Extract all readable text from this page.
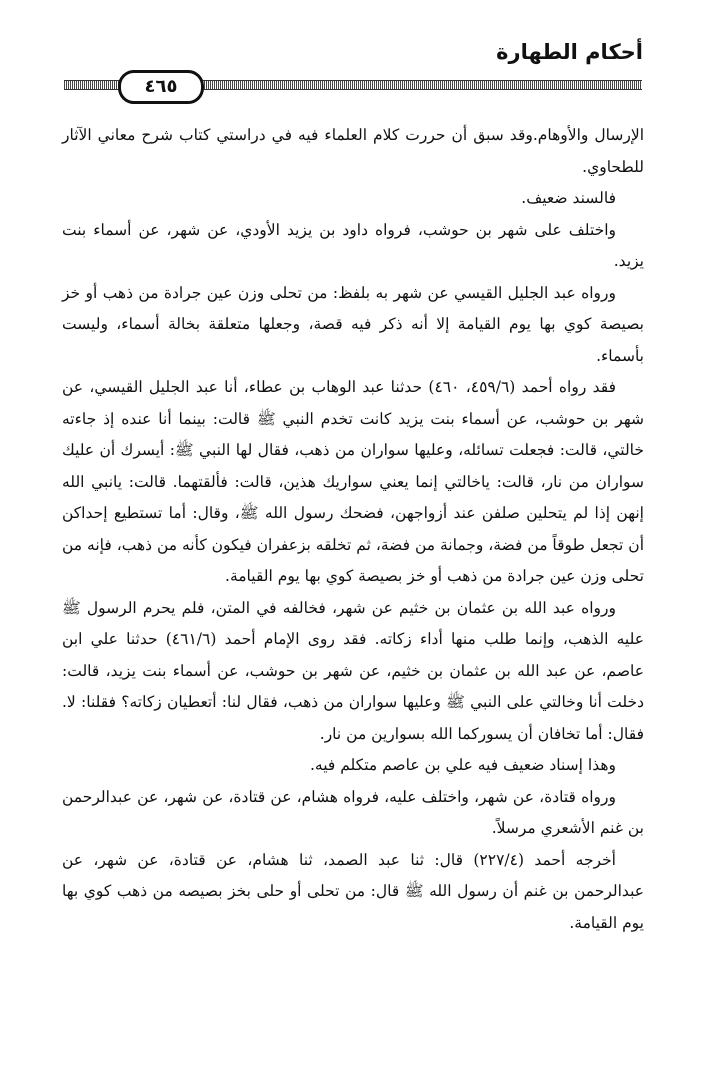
أحكام الطهارة
٤٦٥

الإرسال والأوهام.وقد سبق أن حررت كلام العلماء فيه في دراستي كتاب شرح معاني الآثار للطحاوي.

فالسند ضعيف.

واختلف على شهر بن حوشب، فرواه داود بن يزيد الأودي، عن شهر، عن أسماء بنت يزيد.

ورواه عبد الجليل القيسي عن شهر به بلفظ: من تحلى وزن عين جرادة من ذهب أو خز بصيصة كوي بها يوم القيامة إلا أنه ذكر فيه قصة، وجعلها متعلقة بخالة أسماء، وليست بأسماء.

فقد رواه أحمد (٤٥٩/٦، ٤٦٠) حدثنا عبد الوهاب بن عطاء، أنا عبد الجليل القيسي، عن شهر بن حوشب، عن أسماء بنت يزيد كانت تخدم النبي ﷺ قالت: بينما أنا عنده إذ جاءته خالتي، قالت: فجعلت تسائله، وعليها سواران من ذهب، فقال لها النبي ﷺ: أيسرك أن عليك سواران من نار، قالت: ياخالتي إنما يعني سواريك هذين، قالت: فألقتهما. قالت: يانبي الله إنهن إذا لم يتحلين صلفن عند أزواجهن، فضحك رسول الله ﷺ، وقال: أما تستطيع إحداكن أن تجعل طوقاً من فضة، وجمانة من فضة، ثم تخلقه بزعفران فيكون كأنه من ذهب، فإنه من تحلى وزن عين جرادة من ذهب أو خز بصيصة كوي بها يوم القيامة.

ورواه عبد الله بن عثمان بن خثيم عن شهر، فخالفه في المتن، فلم يحرم الرسول ﷺ عليه الذهب، وإنما طلب منها أداء زكاته. فقد روى الإمام أحمد (٤٦١/٦) حدثنا علي ابن عاصم، عن عبد الله بن عثمان بن خثيم، عن شهر بن حوشب، عن أسماء بنت يزيد، قالت: دخلت أنا وخالتي على النبي ﷺ وعليها سواران من ذهب، فقال لنا: أتعطيان زكاته؟ فقلنا: لا. فقال: أما تخافان أن يسوركما الله بسوارين من نار.

وهذا إسناد ضعيف فيه علي بن عاصم متكلم فيه.

ورواه قتادة، عن شهر، واختلف عليه، فرواه هشام، عن قتادة، عن شهر، عن عبدالرحمن بن غنم الأشعري مرسلاً.

أخرجه أحمد (٢٢٧/٤) قال: ثنا عبد الصمد، ثنا هشام، عن قتادة، عن شهر، عن عبدالرحمن بن غنم أن رسول الله ﷺ قال: من تحلى أو حلى بخز بصيصه من ذهب كوي بها يوم القيامة.
